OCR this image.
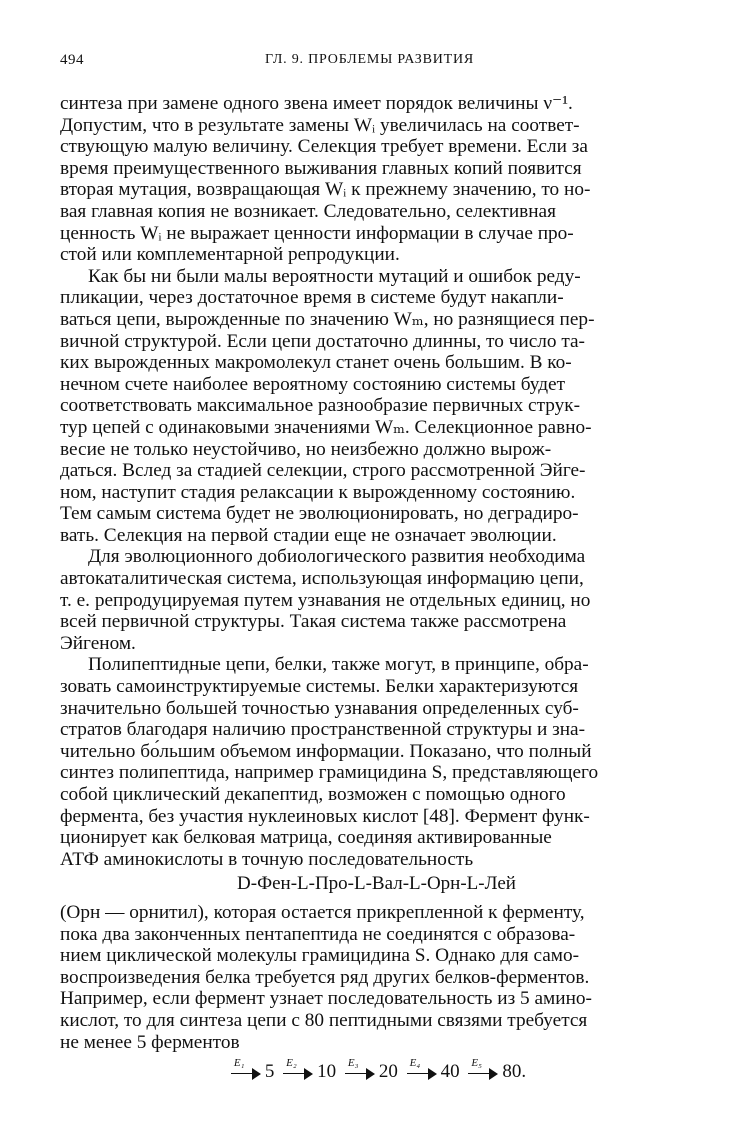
494	ГЛ. 9. ПРОБЛЕМЫ РАЗВИТИЯ

синтеза при замене одного звена имеет порядок величины ν⁻¹.
Допустим, что в результате замены Wᵢ увеличилась на соответ-
ствующую малую величину. Селекция требует времени. Если за
время преимущественного выживания главных копий появится
вторая мутация, возвращающая Wᵢ к прежнему значению, то но-
вая главная копия не возникает. Следовательно, селективная
ценность Wᵢ не выражает ценности информации в случае про-
стой или комплементарной репродукции.

Как бы ни были малы вероятности мутаций и ошибок реду-
пликации, через достаточное время в системе будут накапли-
ваться цепи, вырожденные по значению Wₘ, но разнящиеся пер-
вичной структурой. Если цепи достаточно длинны, то число та-
ких вырожденных макромолекул станет очень большим. В ко-
нечном счете наиболее вероятному состоянию системы будет
соответствовать максимальное разнообразие первичных струк-
тур цепей с одинаковыми значениями Wₘ. Селекционное равно-
весие не только неустойчиво, но неизбежно должно вырож-
даться. Вслед за стадией селекции, строго рассмотренной Эйге-
ном, наступит стадия релаксации к вырожденному состоянию.
Тем самым система будет не эволюционировать, но деградиро-
вать. Селекция на первой стадии еще не означает эволюции.

Для эволюционного добиологического развития необходима
автокаталитическая система, использующая информацию цепи,
т. е. репродуцируемая путем узнавания не отдельных единиц, но
всей первичной структуры. Такая система также рассмотрена
Эйгеном.

Полипептидные цепи, белки, также могут, в принципе, обра-
зовать самоинструктируемые системы. Белки характеризуются
значительно большей точностью узнавания определенных суб-
стратов благодаря наличию пространственной структуры и зна-
чительно бо́льшим объемом информации. Показано, что полный
синтез полипептида, например грамицидина S, представляющего
собой циклический декапептид, возможен с помощью одного
фермента, без участия нуклеиновых кислот [48]. Фермент функ-
ционирует как белковая матрица, соединяя активированные
АТФ аминокислоты в точную последовательность

D-Фен-L-Про-L-Вал-L-Орн-L-Лей

(Орн — орнитил), которая остается прикрепленной к ферменту,
пока два законченных пентапептида не соединятся с образова-
нием циклической молекулы грамицидина S. Однако для само-
воспроизведения белка требуется ряд других белков-ферментов.
Например, если фермент узнает последовательность из 5 амино-
кислот, то для синтеза цепи с 80 пептидными связями требуется
не менее 5 ферментов

E₁ 5 E₂ 10 E₃ 20 E₄ 40 E₅ 80.
